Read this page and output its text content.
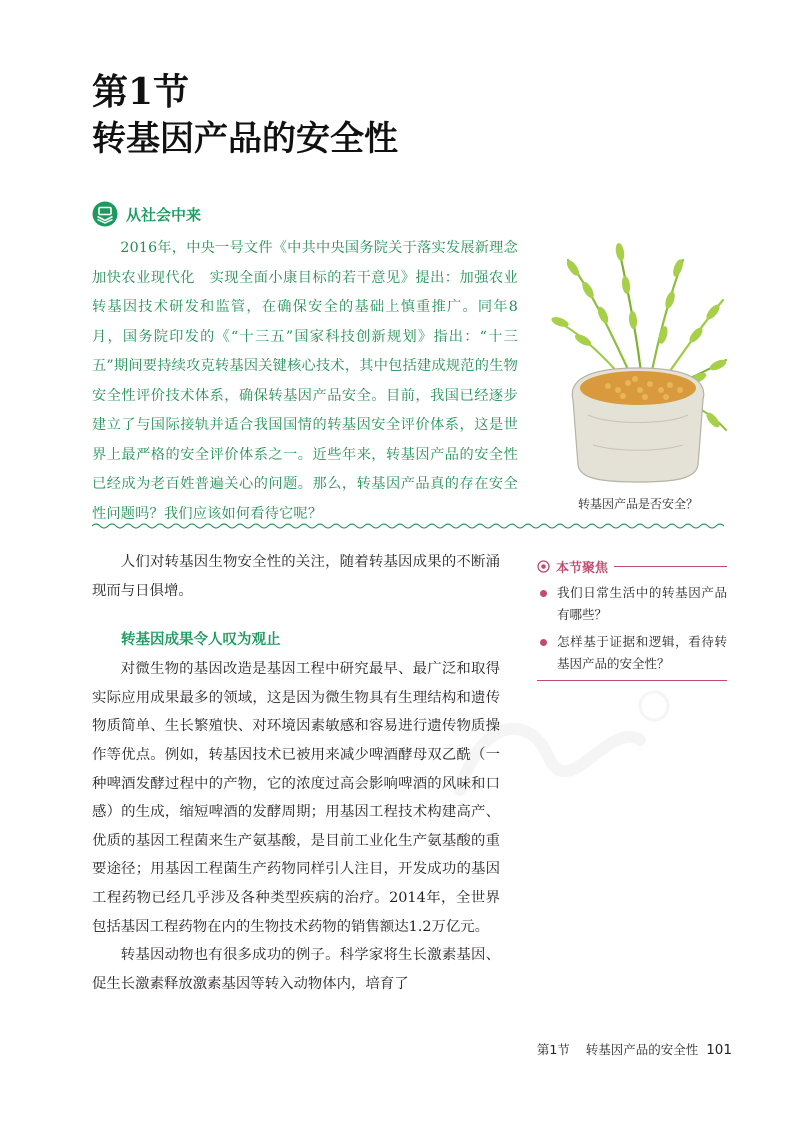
第1节
转基因产品的安全性
从社会中来

2016年，中央一号文件《中共中央国务院关于落实发展新理念加快农业现代化　实现全面小康目标的若干意见》提出：加强农业转基因技术研发和监管，在确保安全的基础上慎重推广。同年8月，国务院印发的《“十三五”国家科技创新规划》指出：“十三五”期间要持续攻克转基因关键核心技术，其中包括建成规范的生物安全性评价技术体系，确保转基因产品安全。目前，我国已经逐步建立了与国际接轨并适合我国国情的转基因安全评价体系，这是世界上最严格的安全评价体系之一。近些年来，转基因产品的安全性已经成为老百姓普遍关心的问题。那么，转基因产品真的存在安全性问题吗？我们应该如何看待它呢？

转基因产品是否安全？

人们对转基因生物安全性的关注，随着转基因成果的不断涌现而与日俱增。

转基因成果令人叹为观止

对微生物的基因改造是基因工程中研究最早、最广泛和取得实际应用成果最多的领域，这是因为微生物具有生理结构和遗传物质简单、生长繁殖快、对环境因素敏感和容易进行遗传物质操作等优点。例如，转基因技术已被用来减少啤酒酵母双乙酰（一种啤酒发酵过程中的产物，它的浓度过高会影响啤酒的风味和口感）的生成，缩短啤酒的发酵周期；用基因工程技术构建高产、优质的基因工程菌来生产氨基酸，是目前工业化生产氨基酸的重要途径；用基因工程菌生产药物同样引人注目，开发成功的基因工程药物已经几乎涉及各种类型疾病的治疗。2014年，全世界包括基因工程药物在内的生物技术药物的销售额达1.2万亿元。

转基因动物也有很多成功的例子。科学家将生长激素基因、促生长激素释放激素基因等转入动物体内，培育了

本节聚焦
我们日常生活中的转基因产品有哪些？
怎样基于证据和逻辑，看待转基因产品的安全性？
第1节 转基因产品的安全性 101
